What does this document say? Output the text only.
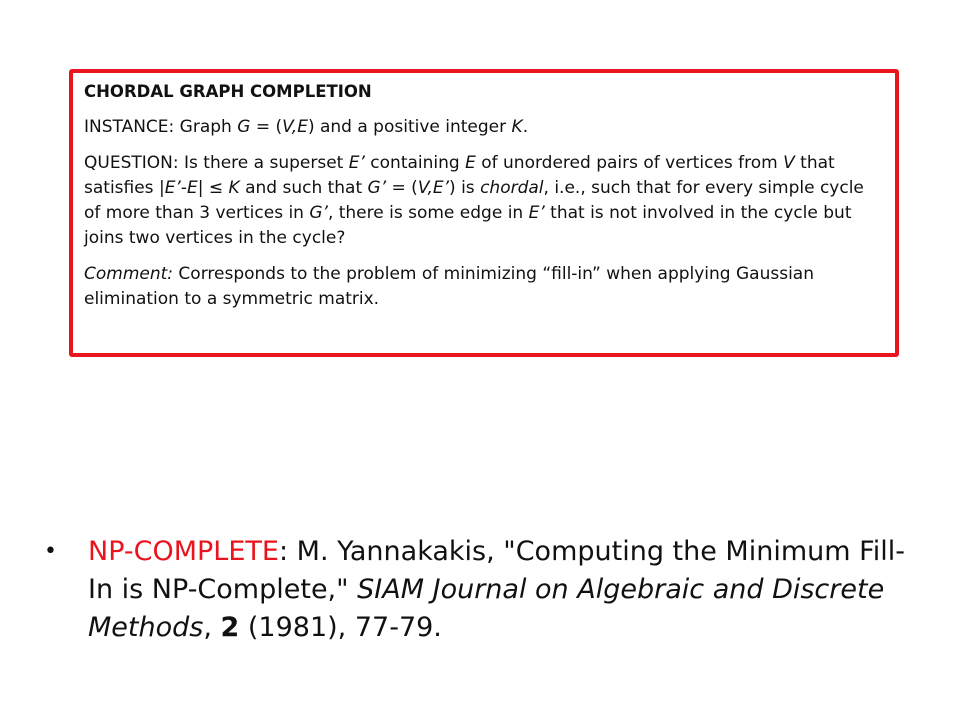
CHORDAL GRAPH COMPLETION

INSTANCE: Graph G = (V,E) and a positive integer K.

QUESTION: Is there a superset E’ containing E of unordered pairs of vertices from V that satisfies |E’-E| ≤ K and such that G’ = (V,E’) is chordal, i.e., such that for every simple cycle of more than 3 vertices in G’, there is some edge in E’ that is not involved in the cycle but joins two vertices in the cycle?

Comment: Corresponds to the problem of minimizing “fill-in” when applying Gaussian elimination to a symmetric matrix.

• NP-COMPLETE: M. Yannakakis, "Computing the Minimum Fill-In is NP-Complete," SIAM Journal on Algebraic and Discrete Methods, 2 (1981), 77-79.
